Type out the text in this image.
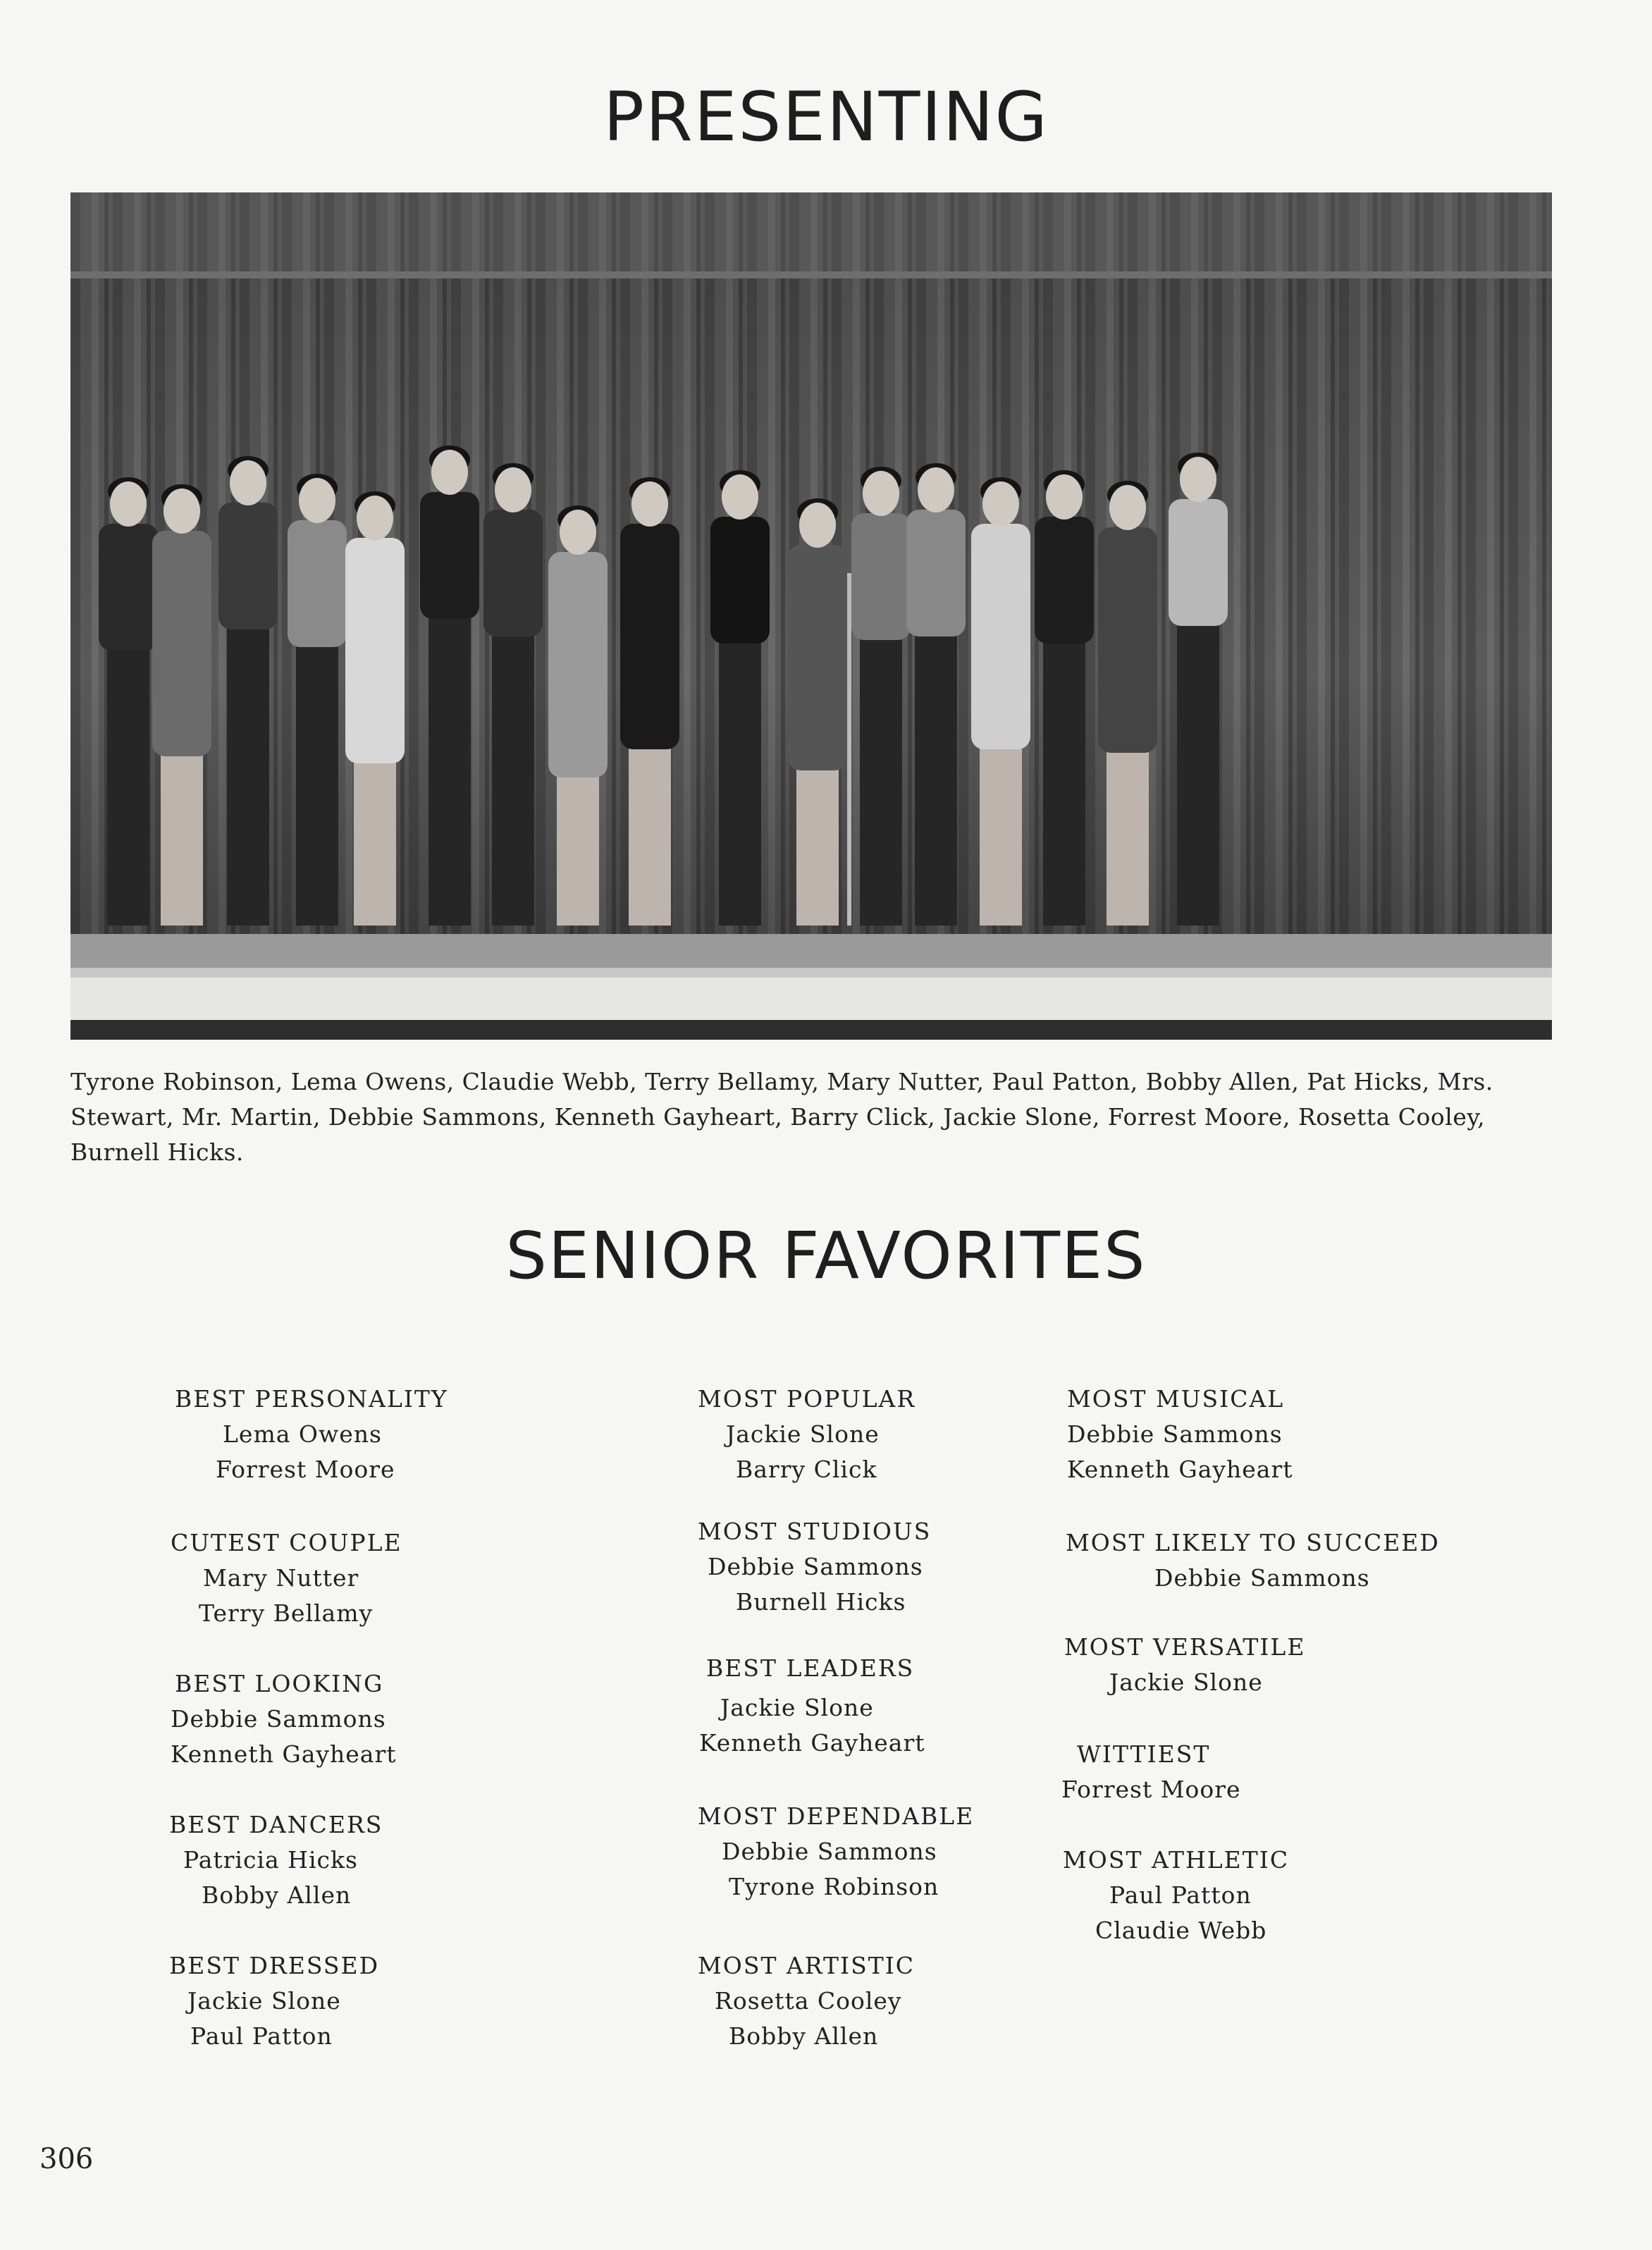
PRESENTING
Tyrone Robinson, Lema Owens, Claudie Webb, Terry Bellamy, Mary Nutter, Paul Patton, Bobby Allen, Pat Hicks, Mrs. Stewart, Mr. Martin, Debbie Sammons, Kenneth Gayheart, Barry Click, Jackie Slone, Forrest Moore, Rosetta Cooley, Burnell Hicks.
SENIOR FAVORITES
BEST PERSONALITY
Lema Owens
Forrest Moore
CUTEST COUPLE
Mary Nutter
Terry Bellamy
BEST LOOKING
Debbie Sammons
Kenneth Gayheart
BEST DANCERS
Patricia Hicks
Bobby Allen
BEST DRESSED
Jackie Slone
Paul Patton
MOST POPULAR
Jackie Slone
Barry Click
MOST STUDIOUS
Debbie Sammons
Burnell Hicks
BEST LEADERS
Jackie Slone
Kenneth Gayheart
MOST DEPENDABLE
Debbie Sammons
Tyrone Robinson
MOST ARTISTIC
Rosetta Cooley
Bobby Allen
MOST MUSICAL
Debbie Sammons
Kenneth Gayheart
MOST LIKELY TO SUCCEED
Debbie Sammons
MOST VERSATILE
Jackie Slone
WITTIEST
Forrest Moore
MOST ATHLETIC
Paul Patton
Claudie Webb
306
